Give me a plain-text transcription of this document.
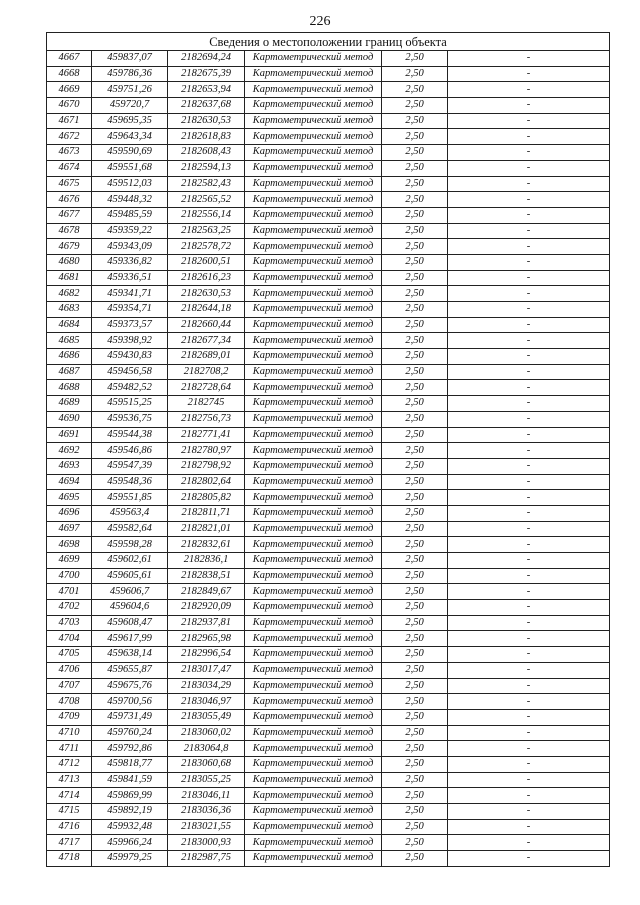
226
Сведения о местоположении границ объекта					
4667	459837,07	2182694,24	Картометрический метод	2,50	-
4668	459786,36	2182675,39	Картометрический метод	2,50	-
4669	459751,26	2182653,94	Картометрический метод	2,50	-
4670	459720,7	2182637,68	Картометрический метод	2,50	-
4671	459695,35	2182630,53	Картометрический метод	2,50	-
4672	459643,34	2182618,83	Картометрический метод	2,50	-
4673	459590,69	2182608,43	Картометрический метод	2,50	-
4674	459551,68	2182594,13	Картометрический метод	2,50	-
4675	459512,03	2182582,43	Картометрический метод	2,50	-
4676	459448,32	2182565,52	Картометрический метод	2,50	-
4677	459485,59	2182556,14	Картометрический метод	2,50	-
4678	459359,22	2182563,25	Картометрический метод	2,50	-
4679	459343,09	2182578,72	Картометрический метод	2,50	-
4680	459336,82	2182600,51	Картометрический метод	2,50	-
4681	459336,51	2182616,23	Картометрический метод	2,50	-
4682	459341,71	2182630,53	Картометрический метод	2,50	-
4683	459354,71	2182644,18	Картометрический метод	2,50	-
4684	459373,57	2182660,44	Картометрический метод	2,50	-
4685	459398,92	2182677,34	Картометрический метод	2,50	-
4686	459430,83	2182689,01	Картометрический метод	2,50	-
4687	459456,58	2182708,2	Картометрический метод	2,50	-
4688	459482,52	2182728,64	Картометрический метод	2,50	-
4689	459515,25	2182745	Картометрический метод	2,50	-
4690	459536,75	2182756,73	Картометрический метод	2,50	-
4691	459544,38	2182771,41	Картометрический метод	2,50	-
4692	459546,86	2182780,97	Картометрический метод	2,50	-
4693	459547,39	2182798,92	Картометрический метод	2,50	-
4694	459548,36	2182802,64	Картометрический метод	2,50	-
4695	459551,85	2182805,82	Картометрический метод	2,50	-
4696	459563,4	2182811,71	Картометрический метод	2,50	-
4697	459582,64	2182821,01	Картометрический метод	2,50	-
4698	459598,28	2182832,61	Картометрический метод	2,50	-
4699	459602,61	2182836,1	Картометрический метод	2,50	-
4700	459605,61	2182838,51	Картометрический метод	2,50	-
4701	459606,7	2182849,67	Картометрический метод	2,50	-
4702	459604,6	2182920,09	Картометрический метод	2,50	-
4703	459608,47	2182937,81	Картометрический метод	2,50	-
4704	459617,99	2182965,98	Картометрический метод	2,50	-
4705	459638,14	2182996,54	Картометрический метод	2,50	-
4706	459655,87	2183017,47	Картометрический метод	2,50	-
4707	459675,76	2183034,29	Картометрический метод	2,50	-
4708	459700,56	2183046,97	Картометрический метод	2,50	-
4709	459731,49	2183055,49	Картометрический метод	2,50	-
4710	459760,24	2183060,02	Картометрический метод	2,50	-
4711	459792,86	2183064,8	Картометрический метод	2,50	-
4712	459818,77	2183060,68	Картометрический метод	2,50	-
4713	459841,59	2183055,25	Картометрический метод	2,50	-
4714	459869,99	2183046,11	Картометрический метод	2,50	-
4715	459892,19	2183036,36	Картометрический метод	2,50	-
4716	459932,48	2183021,55	Картометрический метод	2,50	-
4717	459966,24	2183000,93	Картометрический метод	2,50	-
4718	459979,25	2182987,75	Картометрический метод	2,50	-
